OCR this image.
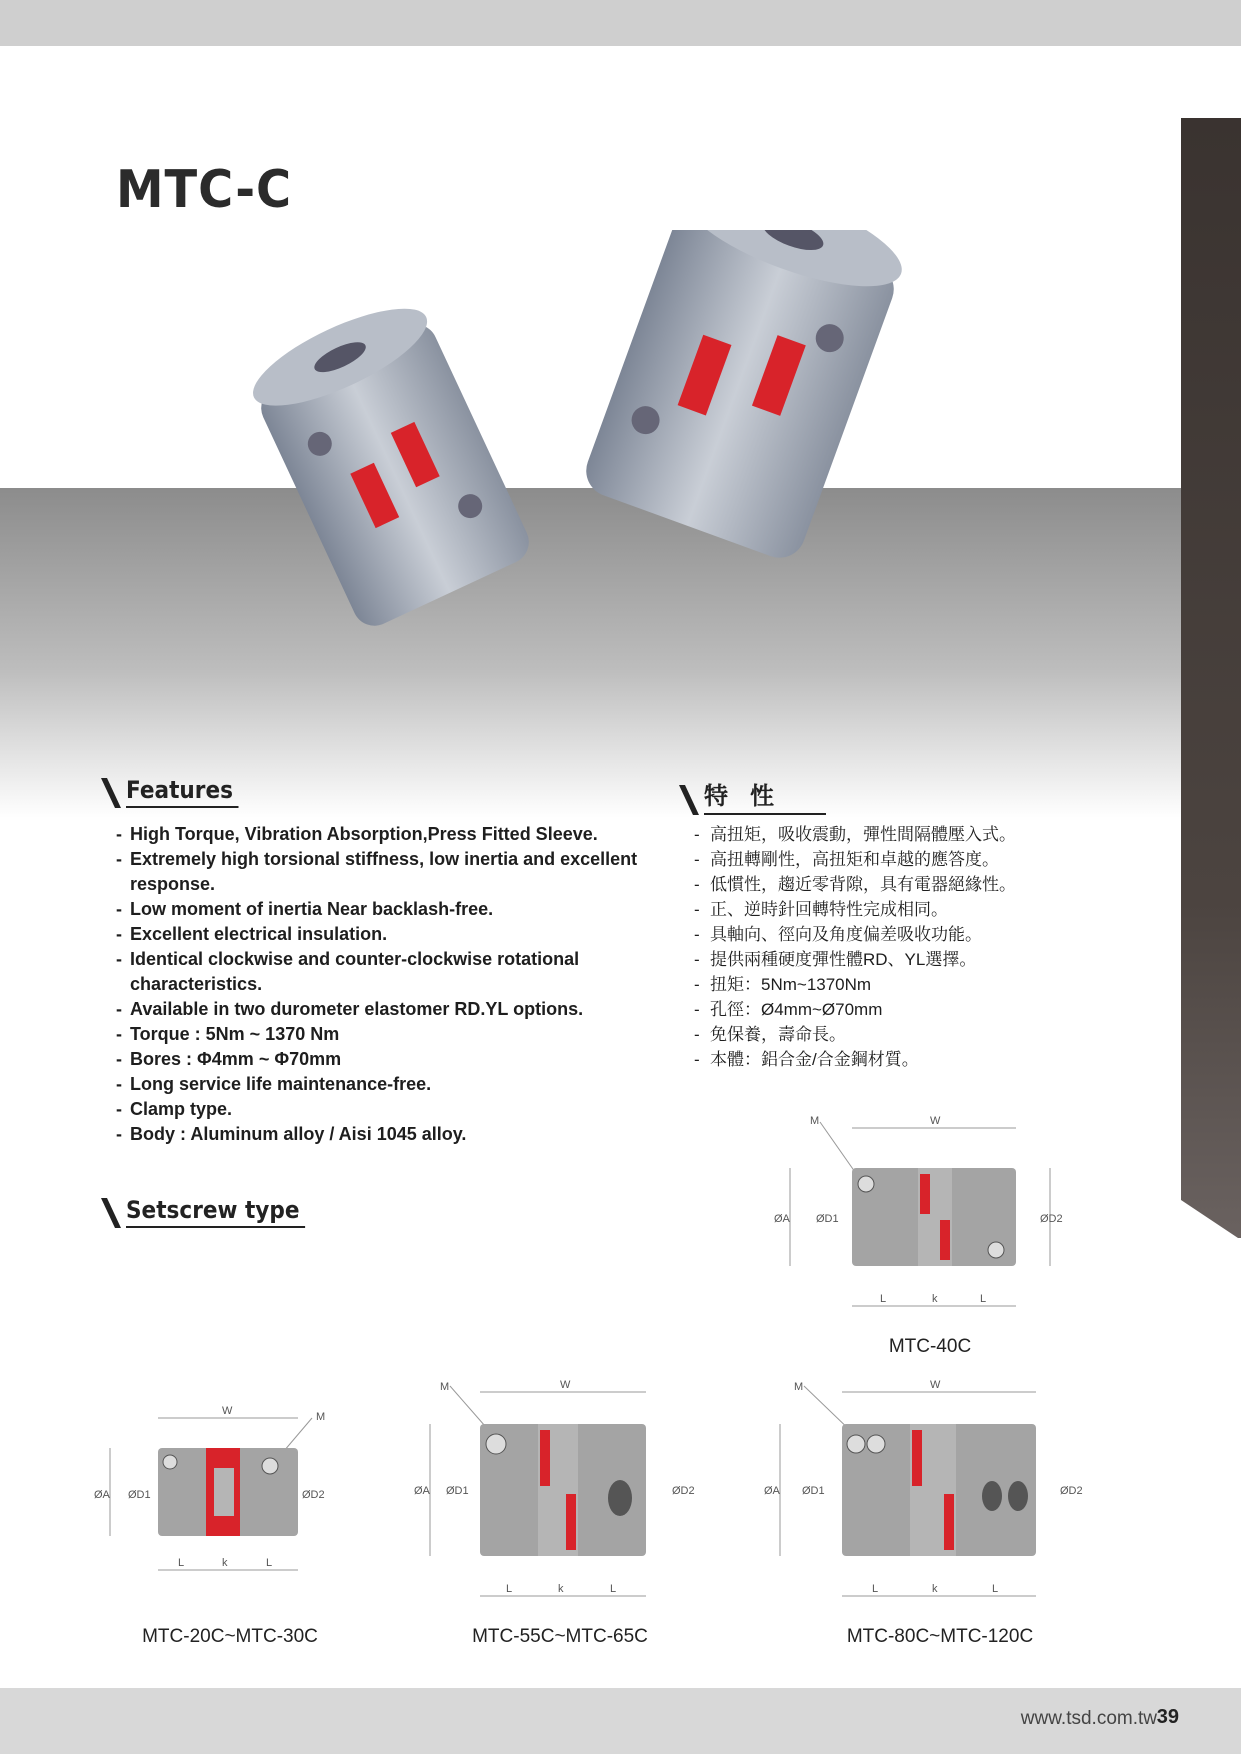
MTC-C
Features
- High Torque, Vibration Absorption,Press Fitted Sleeve.
- Extremely high torsional stiffness, low inertia and excellent response.
- Low moment of inertia Near backlash-free.
- Excellent electrical insulation.
- Identical clockwise and counter-clockwise rotational characteristics.
- Available in two durometer elastomer RD.YL options.
- Torque : 5Nm ~ 1370 Nm
- Bores : Φ4mm ~ Φ70mm
- Long service life maintenance-free.
- Clamp type.
- Body : Aluminum alloy / Aisi 1045 alloy.
特性
- 高扭矩，吸收震動，彈性間隔體壓入式。
- 高扭轉剛性，高扭矩和卓越的應答度。
- 低慣性，趨近零背隙，具有電器絕緣性。
- 正、逆時針回轉特性完成相同。
- 具軸向、徑向及角度偏差吸收功能。
- 提供兩種硬度彈性體RD、YL選擇。
- 扭矩：5Nm~1370Nm
- 孔徑：Ø4mm~Ø70mm
- 免保養，壽命長。
- 本體：鋁合金/合金鋼材質。
Setscrew type
W
M
ØA ØD1	ØD2
L	k	L
MTC-40C
W	M
ØA ØD1	ØD2
L	k	L
MTC-20C~MTC-30C
W
M
ØA ØD1	ØD2
L	k	L
MTC-55C~MTC-65C
W
M
ØA ØD1	ØD2
L	k	L
MTC-80C~MTC-120C
www.tsd.com.tw 39
